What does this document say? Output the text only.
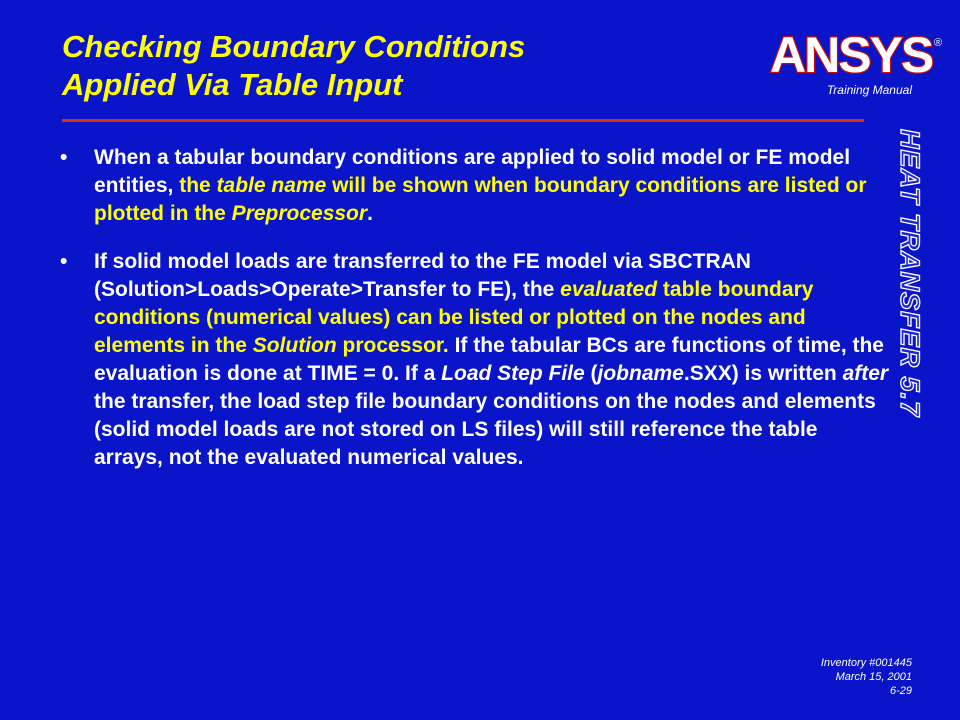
Checking Boundary Conditions
Applied Via Table Input
ANSYS ®
Training Manual
HEAT TRANSFER 5.7
• When a tabular boundary conditions are applied to solid model or FE model entities, the table name will be shown when boundary conditions are listed or plotted in the Preprocessor.
• If solid model loads are transferred to the FE model via SBCTRAN (Solution>Loads>Operate>Transfer to FE), the evaluated table boundary conditions (numerical values) can be listed or plotted on the nodes and elements in the Solution processor. If the tabular BCs are functions of time, the evaluation is done at TIME = 0. If a Load Step File (jobname.SXX) is written after the transfer, the load step file boundary conditions on the nodes and elements (solid model loads are not stored on LS files) will still reference the table arrays, not the evaluated numerical values.
Inventory #001445
March 15, 2001
6-29
